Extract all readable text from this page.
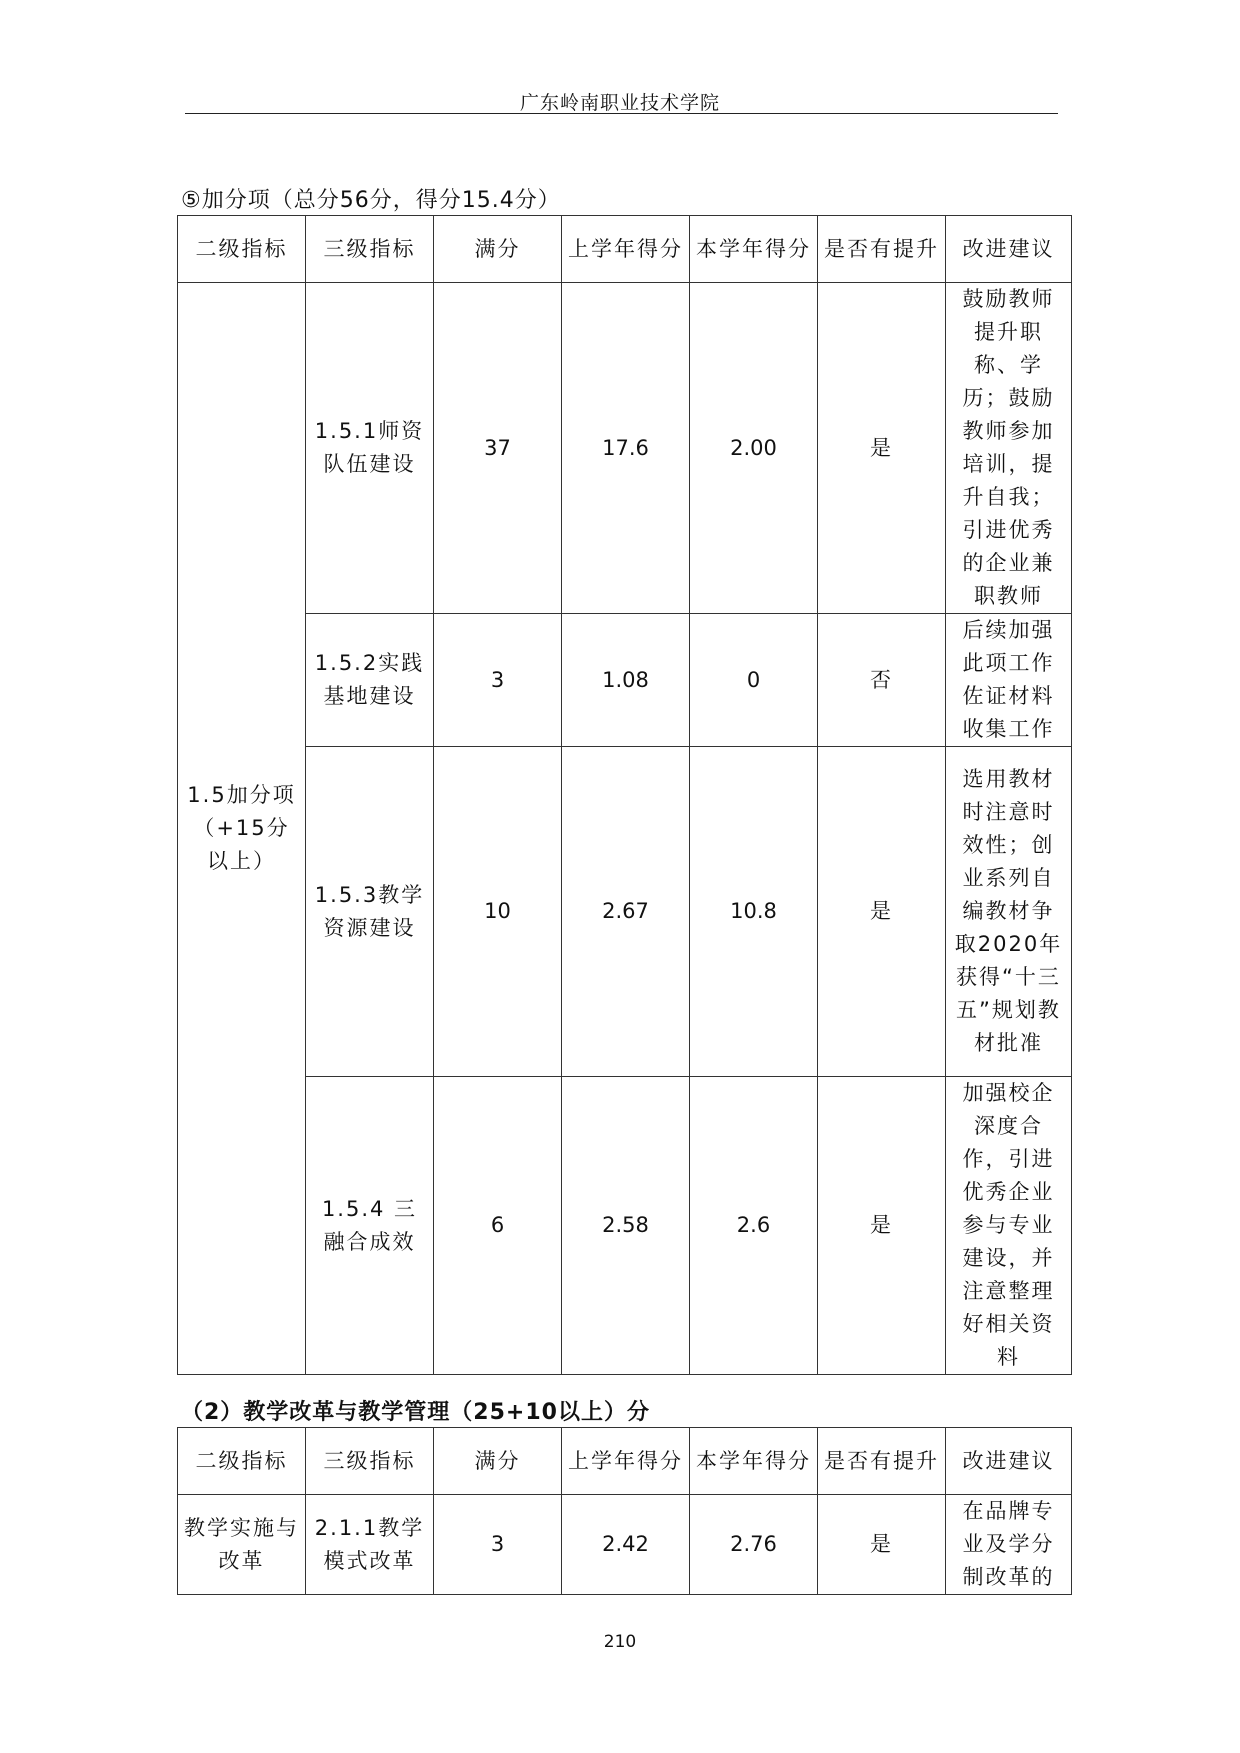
广东岭南职业技术学院
⑤加分项（总分56分，得分15.4分）
二级指标	三级指标	满分	上学年得分	本学年得分	是否有提升	改进建议
1.5加分项（+15分以上）	1.5.1师资队伍建设	37	17.6	2.00	是	鼓励教师提升职称、学历；鼓励教师参加培训，提升自我；引进优秀的企业兼职教师
	1.5.2实践基地建设	3	1.08	0	否	后续加强此项工作佐证材料收集工作
	1.5.3教学资源建设	10	2.67	10.8	是	选用教材时注意时效性；创业系列自编教材争取2020年获得“十三五”规划教材批准
	1.5.4 三融合成效	6	2.58	2.6	是	加强校企深度合作，引进优秀企业参与专业建设，并注意整理好相关资料
（2）教学改革与教学管理（25+10以上）分
二级指标	三级指标	满分	上学年得分	本学年得分	是否有提升	改进建议
教学实施与改革	2.1.1教学模式改革	3	2.42	2.76	是	在品牌专业及学分制改革的
210
